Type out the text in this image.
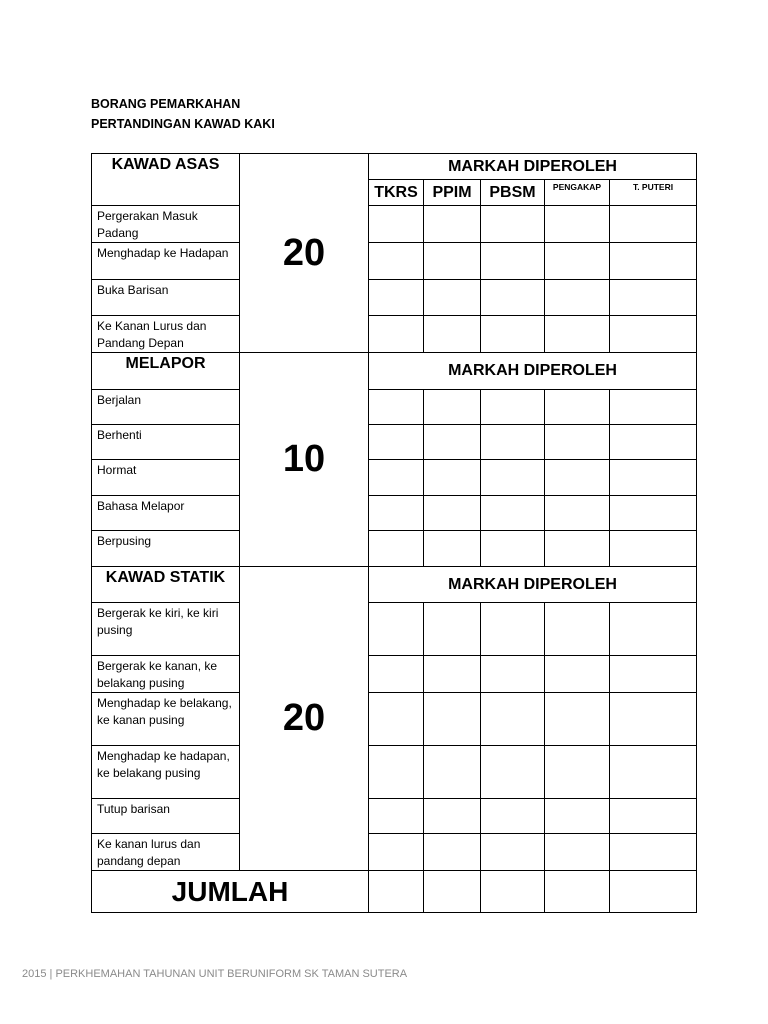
BORANG PEMARKAHAN
PERTANDINGAN KAWAD KAKI
KAWAD ASAS	20	MARKAH DIPEROLEH				
		TKRS	PPIM	PBSM	PENGAKAP	T. PUTERI
Pergerakan Masuk Padang						
Menghadap ke Hadapan						
Buka Barisan						
Ke Kanan Lurus dan Pandang Depan						
MELAPOR	10	MARKAH DIPEROLEH				
Berjalan						
Berhenti						
Hormat						
Bahasa Melapor						
Berpusing						
KAWAD STATIK	20	MARKAH DIPEROLEH				
Bergerak ke kiri, ke kiri pusing						
Bergerak ke kanan, ke belakang pusing						
Menghadap ke belakang, ke kanan pusing						
Menghadap ke hadapan, ke belakang pusing						
Tutup barisan						
Ke kanan lurus dan pandang depan						
JUMLAH						
2015 | PERKHEMAHAN TAHUNAN UNIT BERUNIFORM SK TAMAN SUTERA
